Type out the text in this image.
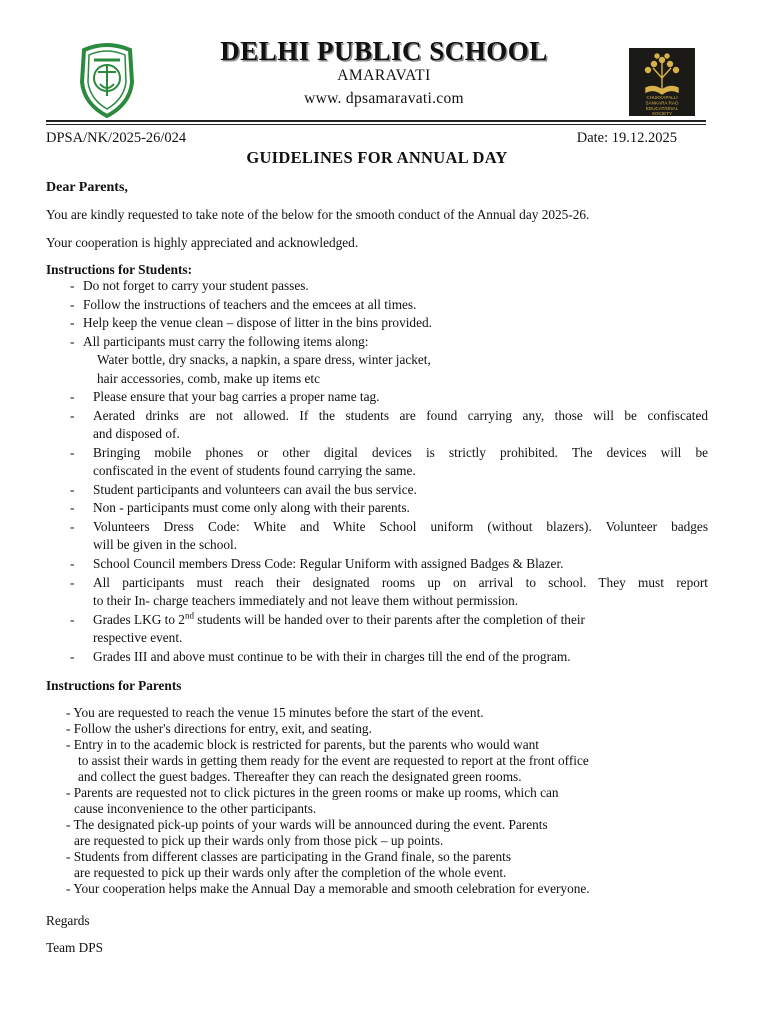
DELHI PUBLIC SCHOOL
AMARAVATI
www. dpsamaravati.com	CHUKKAPALLI
SANKARA RAO
EDUCATIONAL
SOCIETY
DPSA/NK/2025-26/024	Date: 19.12.2025
GUIDELINES FOR ANNUAL DAY
Dear Parents,
You are kindly requested to take note of the below for the smooth conduct of the Annual day 2025-26.
Your cooperation is highly appreciated and acknowledged.
Instructions for Students:
- Do not forget to carry your student passes.
- Follow the instructions of teachers and the emcees at all times.
- Help keep the venue clean – dispose of litter in the bins provided.
- All participants must carry the following items along:
Water bottle, dry snacks, a napkin, a spare dress, winter jacket,
hair accessories, comb, make up items etc
- Please ensure that your bag carries a proper name tag.
- Aerated drinks are not allowed. If the students are found carrying any, those will be confiscated
and disposed of.
- Bringing mobile phones or other digital devices is strictly prohibited. The devices will be
confiscated in the event of students found carrying the same.
- Student participants and volunteers can avail the bus service.
- Non - participants must come only along with their parents.
- Volunteers Dress Code: White and White School uniform (without blazers). Volunteer badges
will be given in the school.
- School Council members Dress Code: Regular Uniform with assigned Badges & Blazer.
- All participants must reach their designated rooms up on arrival to school. They must report
to their In- charge teachers immediately and not leave them without permission.
- Grades LKG to 2nd students will be handed over to their parents after the completion of their
respective event.
- Grades III and above must continue to be with their in charges till the end of the program.
Instructions for Parents
- You are requested to reach the venue 15 minutes before the start of the event.
- Follow the usher's directions for entry, exit, and seating.
- Entry in to the academic block is restricted for parents, but the parents who would want
to assist their wards in getting them ready for the event are requested to report at the front office
and collect the guest badges. Thereafter they can reach the designated green rooms.
- Parents are requested not to click pictures in the green rooms or make up rooms, which can
cause inconvenience to the other participants.
- The designated pick-up points of your wards will be announced during the event. Parents
are requested to pick up their wards only from those pick – up points.
- Students from different classes are participating in the Grand finale, so the parents
are requested to pick up their wards only after the completion of the whole event.
- Your cooperation helps make the Annual Day a memorable and smooth celebration for everyone.
Regards
Team DPS
